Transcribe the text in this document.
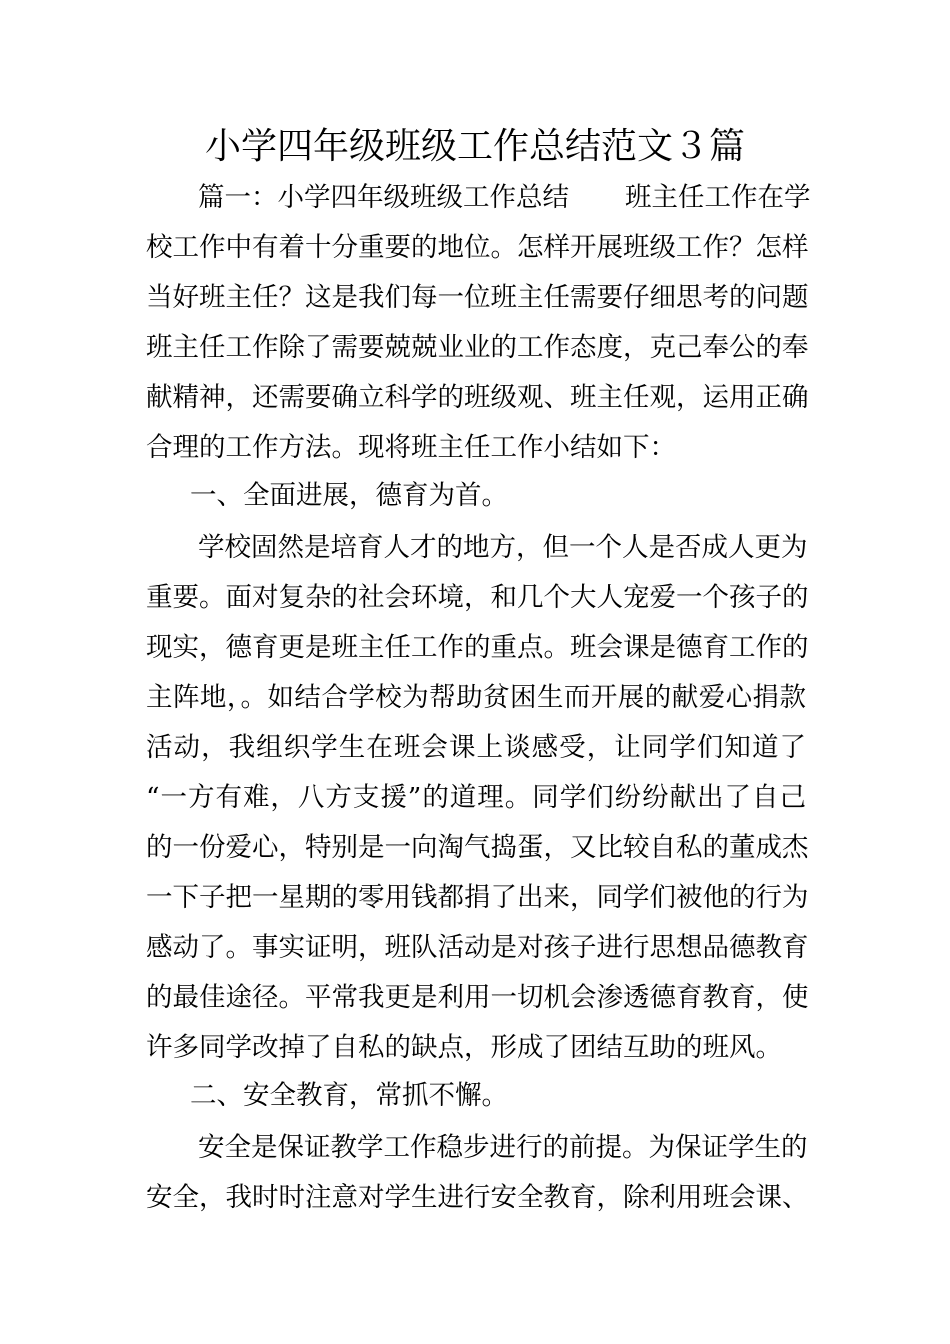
小学四年级班级工作总结范文３篇
篇一：小学四年级班级工作总结 班主任工作在学
校工作中有着十分重要的地位。怎样开展班级工作？怎样
当好班主任？这是我们每一位班主任需要仔细思考的问题
班主任工作除了需要兢兢业业的工作态度，克己奉公的奉
献精神，还需要确立科学的班级观、班主任观，运用正确
合理的工作方法。现将班主任工作小结如下：
一、全面进展，德育为首。
学校固然是培育人才的地方，但一个人是否成人更为
重要。面对复杂的社会环境，和几个大人宠爱一个孩子的
现实，德育更是班主任工作的重点。班会课是德育工作的
主阵地，。如结合学校为帮助贫困生而开展的献爱心捐款
活动，我组织学生在班会课上谈感受，让同学们知道了
“一方有难，八方支援”的道理。同学们纷纷献出了自己
的一份爱心，特别是一向淘气捣蛋，又比较自私的董成杰
一下子把一星期的零用钱都捐了出来，同学们被他的行为
感动了。事实证明，班队活动是对孩子进行思想品德教育
的最佳途径。平常我更是利用一切机会渗透德育教育，使
许多同学改掉了自私的缺点，形成了团结互助的班风。
二、安全教育，常抓不懈。
安全是保证教学工作稳步进行的前提。为保证学生的
安全，我时时注意对学生进行安全教育，除利用班会课、
